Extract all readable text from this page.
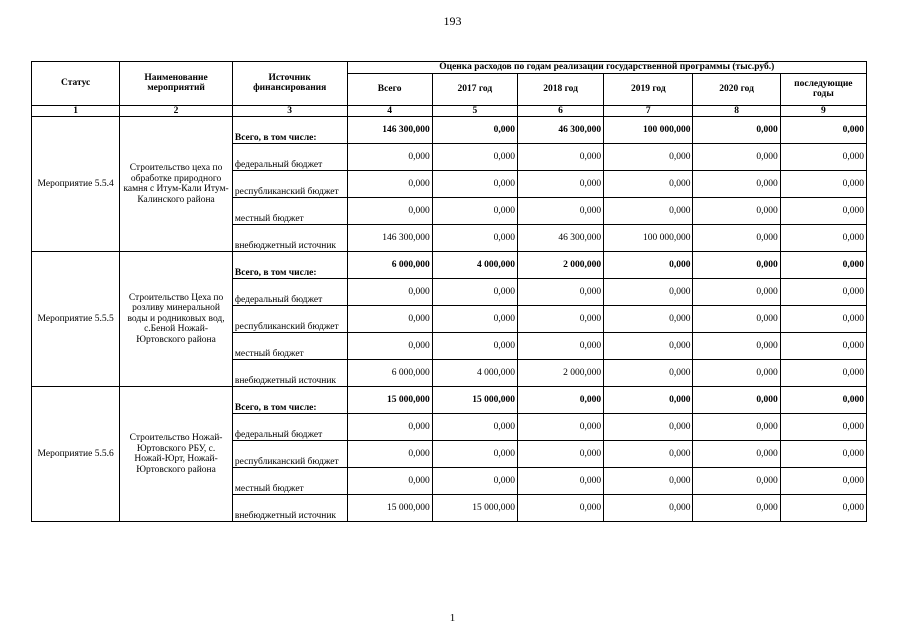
193
Статус	Наименование мероприятий	Источник финансирования	Оценка расходов по годам реализации государственной программы (тыс.руб.)					
			Всего	2017 год	2018 год	2019 год	2020 год	последующие годы
1	2	3	4	5	6	7	8	9
Мероприятие 5.5.4	Строительство цеха по обработке природного камня с Итум-Кали Итум-Калинского района	Всего, в том числе:	146 300,000	0,000	46 300,000	100 000,000	0,000	0,000
		федеральный бюджет	0,000	0,000	0,000	0,000	0,000	0,000
		республиканский бюджет	0,000	0,000	0,000	0,000	0,000	0,000
		местный бюджет	0,000	0,000	0,000	0,000	0,000	0,000
		внебюджетный источник	146 300,000	0,000	46 300,000	100 000,000	0,000	0,000
Мероприятие 5.5.5	Строительство Цеха по розливу минеральной воды и родниковых вод, с.Беной Ножай-Юртовского района	Всего, в том числе:	6 000,000	4 000,000	2 000,000	0,000	0,000	0,000
		федеральный бюджет	0,000	0,000	0,000	0,000	0,000	0,000
		республиканский бюджет	0,000	0,000	0,000	0,000	0,000	0,000
		местный бюджет	0,000	0,000	0,000	0,000	0,000	0,000
		внебюджетный источник	6 000,000	4 000,000	2 000,000	0,000	0,000	0,000
Мероприятие 5.5.6	Строительство Ножай-Юртовского РБУ, с. Ножай-Юрт, Ножай-Юртовского района	Всего, в том числе:	15 000,000	15 000,000	0,000	0,000	0,000	0,000
		федеральный бюджет	0,000	0,000	0,000	0,000	0,000	0,000
		республиканский бюджет	0,000	0,000	0,000	0,000	0,000	0,000
		местный бюджет	0,000	0,000	0,000	0,000	0,000	0,000
		внебюджетный источник	15 000,000	15 000,000	0,000	0,000	0,000	0,000
1
